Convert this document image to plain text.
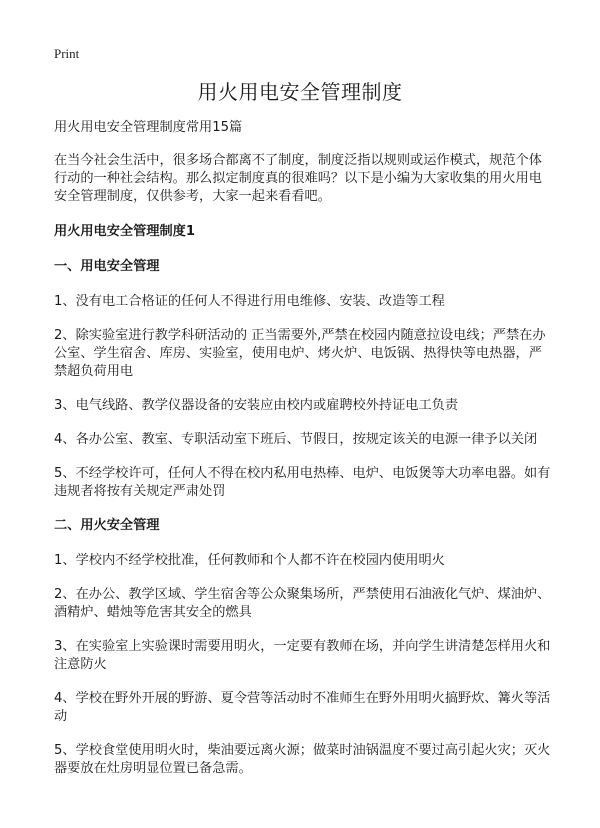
Print
用火用电安全管理制度

用火用电安全管理制度常用15篇

在当今社会生活中，很多场合都离不了制度，制度泛指以规则或运作模式，规范个体行动的一种社会结构。那么拟定制度真的很难吗？以下是小编为大家收集的用火用电安全管理制度，仅供参考，大家一起来看看吧。

用火用电安全管理制度1
一、用电安全管理
1、没有电工合格证的任何人不得进行用电维修、安装、改造等工程
2、除实验室进行教学科研活动的 正当需要外,严禁在校园内随意拉设电线；严禁在办公室、学生宿舍、库房、实验室，使用电炉、烤火炉、电饭锅、热得快等电热器，严禁超负荷用电
3、电气线路、教学仪器设备的安装应由校内或雇聘校外持证电工负责
4、各办公室、教室、专职活动室下班后、节假日，按规定该关的电源一律予以关闭
5、不经学校许可，任何人不得在校内私用电热棒、电炉、电饭煲等大功率电器。如有违规者将按有关规定严肃处罚
二、用火安全管理
1、学校内不经学校批准，任何教师和个人都不许在校园内使用明火
2、在办公、教学区域、学生宿舍等公众聚集场所，严禁使用石油液化气炉、煤油炉、酒精炉、蜡烛等危害其安全的燃具
3、在实验室上实验课时需要用明火，一定要有教师在场，并向学生讲清楚怎样用火和注意防火
4、学校在野外开展的野游、夏令营等活动时不准师生在野外用明火搞野炊、篝火等活动
5、学校食堂使用明火时，柴油要远离火源；做菜时油锅温度不要过高引起火灾；灭火器要放在灶房明显位置已备急需。
